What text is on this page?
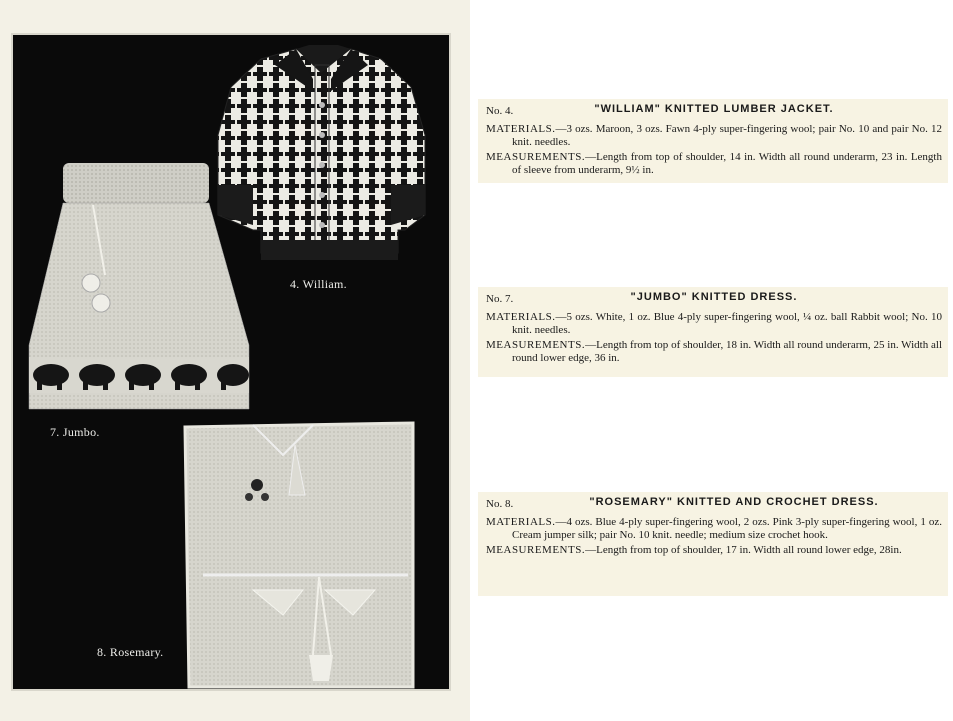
4. William.
7. Jumbo.
8. Rosemary.
No. 4.	"WILLIAM" KNITTED LUMBER JACKET.

MATERIALS.—3 ozs. Maroon, 3 ozs. Fawn 4-ply super-fingering wool; pair No. 10 and pair No. 12 knit. needles.

MEASUREMENTS.—Length from top of shoulder, 14 in. Width all round underarm, 23 in. Length of sleeve from underarm, 9½ in.

No. 7.	"JUMBO" KNITTED DRESS.

MATERIALS.—5 ozs. White, 1 oz. Blue 4-ply super-fingering wool, ¼ oz. ball Rabbit wool; No. 10 knit. needles.

MEASUREMENTS.—Length from top of shoulder, 18 in. Width all round underarm, 25 in. Width all round lower edge, 36 in.

No. 8.	"ROSEMARY" KNITTED AND CROCHET DRESS.

MATERIALS.—4 ozs. Blue 4-ply super-fingering wool, 2 ozs. Pink 3-ply super-fingering wool, 1 oz. Cream jumper silk; pair No. 10 knit. needle; medium size crochet hook.

MEASUREMENTS.—Length from top of shoulder, 17 in. Width all round lower edge, 28in.
